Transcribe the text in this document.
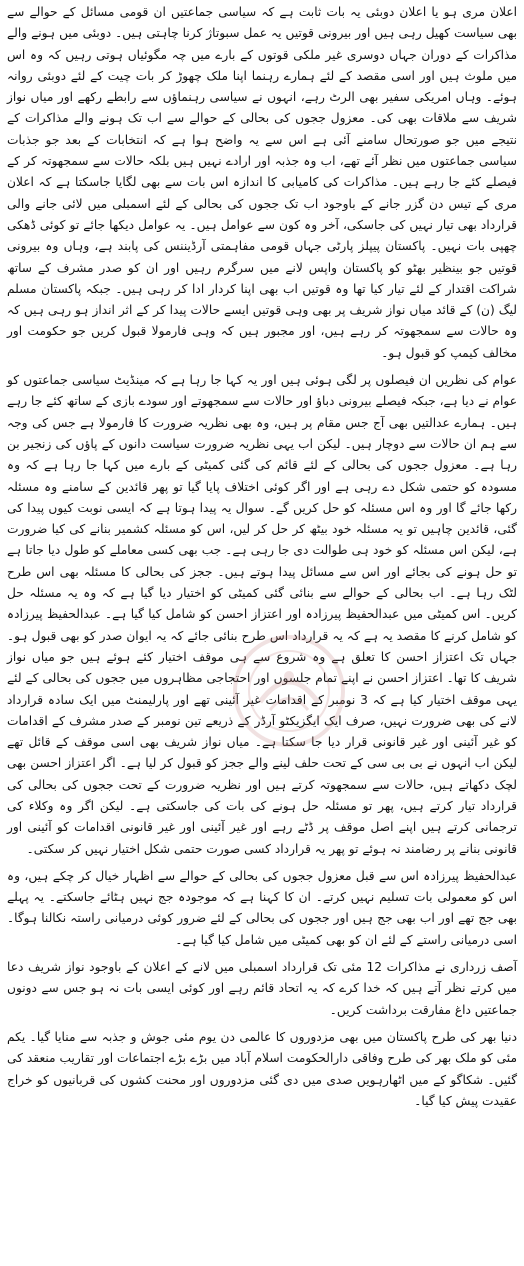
اعلان مری ہو یا اعلان دوبئی یہ بات ثابت ہے کہ سیاسی جماعتیں ان قومی مسائل کے حوالے سے بھی سیاست کھیل رہی ہیں اور بیرونی قوتیں یہ عمل سبوتاژ کرنا چاہتی ہیں۔ دوبئی میں ہونے والے مذاکرات کے دوران جہاں دوسری غیر ملکی قوتوں کے بارے میں چہ مگوئیاں ہوتی رہیں کہ وہ اس میں ملوث ہیں اور اسی مقصد کے لئے ہمارے رہنما اپنا ملک چھوڑ کر بات چیت کے لئے دوبئی روانہ ہوئے۔ وہاں امریکی سفیر بھی الرٹ رہے، انہوں نے سیاسی رہنماؤں سے رابطے رکھے اور میاں نواز شریف سے ملاقات بھی کی۔ معزول ججوں کی بحالی کے حوالے سے اب تک ہونے والے مذاکرات کے نتیجے میں جو صورتحال سامنے آئی ہے اس سے یہ واضح ہوا ہے کہ انتخابات کے بعد جو جذبات سیاسی جماعتوں میں نظر آئے تھے، اب وہ جذبہ اور ارادے نہیں ہیں بلکہ حالات سے سمجھوتہ کر کے فیصلے کئے جا رہے ہیں۔ مذاکرات کی کامیابی کا اندازہ اس بات سے بھی لگایا جاسکتا ہے کہ اعلان مری کے تیس دن گزر جانے کے باوجود اب تک ججوں کی بحالی کے لئے اسمبلی میں لائی جانے والی قرارداد بھی تیار نہیں کی جاسکی، آخر وہ کون سے عوامل ہیں۔ یہ عوامل دیکھا جائے تو کوئی ڈھکی چھپی بات نہیں۔ پاکستان پیپلز پارٹی جہاں قومی مفاہمتی آرڈیننس کی پابند ہے، وہاں وہ بیرونی قوتیں جو بینظیر بھٹو کو پاکستان واپس لانے میں سرگرم رہیں اور ان کو صدر مشرف کے ساتھ شراکت اقتدار کے لئے تیار کیا تھا وہ قوتیں اب بھی اپنا کردار ادا کر رہی ہیں۔ جبکہ پاکستان مسلم لیگ (ن) کے قائد میاں نواز شریف پر بھی وہی قوتیں ایسے حالات پیدا کر کے اثر انداز ہو رہی ہیں کہ وہ حالات سے سمجھوتہ کر رہے ہیں، اور مجبور ہیں کہ وہی فارمولا قبول کریں جو حکومت اور مخالف کیمپ کو قبول ہو۔

عوام کی نظریں ان فیصلوں پر لگی ہوئی ہیں اور یہ کہا جا رہا ہے کہ مینڈیٹ سیاسی جماعتوں کو عوام نے دیا ہے، جبکہ فیصلے بیرونی دباؤ اور حالات سے سمجھوتے اور سودے بازی کے ساتھ کئے جا رہے ہیں۔ ہمارے عدالتیں بھی آج جس مقام پر ہیں، وہ بھی نظریہ ضرورت کا فارمولا ہے جس کی وجہ سے ہم ان حالات سے دوچار ہیں۔ لیکن اب یہی نظریہ ضرورت سیاست دانوں کے پاؤں کی زنجیر بن رہا ہے۔ معزول ججوں کی بحالی کے لئے قائم کی گئی کمیٹی کے بارے میں کہا جا رہا ہے کہ وہ مسودہ کو حتمی شکل دے رہی ہے اور اگر کوئی اختلاف پایا گیا تو پھر قائدین کے سامنے وہ مسئلہ رکھا جائے گا اور وہ اس مسئلہ کو حل کریں گے۔ سوال یہ پیدا ہوتا ہے کہ ایسی نوبت کیوں پیدا کی گئی، قائدین چاہیں تو یہ مسئلہ خود بیٹھ کر حل کر لیں، اس کو مسئلہ کشمیر بنانے کی کیا ضرورت ہے، لیکن اس مسئلہ کو خود ہی طوالت دی جا رہی ہے۔ جب بھی کسی معاملے کو طول دیا جاتا ہے تو حل ہونے کی بجائے اور اس سے مسائل پیدا ہوتے ہیں۔ ججز کی بحالی کا مسئلہ بھی اس طرح لٹک رہا ہے۔ اب بحالی کے حوالے سے بنائی گئی کمیٹی کو اختیار دیا گیا ہے کہ وہ یہ مسئلہ حل کریں۔ اس کمیٹی میں عبدالحفیظ پیرزادہ اور اعتزاز احسن کو شامل کیا گیا ہے۔ عبدالحفیظ پیرزادہ کو شامل کرنے کا مقصد یہ ہے کہ یہ قرارداد اس طرح بنائی جائے کہ یہ ایوان صدر کو بھی قبول ہو۔ جہاں تک اعتزاز احسن کا تعلق ہے وہ شروع سے ہی موقف اختیار کئے ہوئے ہیں جو میاں نواز شریف کا تھا۔ اعتزاز احسن نے اپنے تمام جلسوں اور احتجاجی مظاہروں میں ججوں کی بحالی کے لئے یہی موقف اختیار کیا ہے کہ 3 نومبر کے اقدامات غیر آئینی تھے اور پارلیمنٹ میں ایک سادہ قرارداد لانے کی بھی ضرورت نہیں، صرف ایک ایگزیکٹو آرڈر کے ذریعے تین نومبر کے صدر مشرف کے اقدامات کو غیر آئینی اور غیر قانونی قرار دیا جا سکتا ہے۔ میاں نواز شریف بھی اسی موقف کے قائل تھے لیکن اب انہوں نے بی بی سی کے تحت حلف لینے والے ججز کو قبول کر لیا ہے۔ اگر اعتزاز احسن بھی لچک دکھاتے ہیں، حالات سے سمجھوتہ کرتے ہیں اور نظریہ ضرورت کے تحت ججوں کی بحالی کی قرارداد تیار کرتے ہیں، پھر تو مسئلہ حل ہونے کی بات کی جاسکتی ہے۔ لیکن اگر وہ وکلاء کی ترجمانی کرتے ہیں اپنے اصل موقف پر ڈٹے رہے اور غیر آئینی اور غیر قانونی اقدامات کو آئینی اور قانونی بنانے پر رضامند نہ ہوئے تو پھر یہ قرارداد کسی صورت حتمی شکل اختیار نہیں کر سکتی۔

عبدالحفیظ پیرزادہ اس سے قبل معزول ججوں کی بحالی کے حوالے سے اظہار خیال کر چکے ہیں، وہ اس کو معمولی بات تسلیم نہیں کرتے۔ ان کا کہنا ہے کہ موجودہ جج نہیں ہٹائے جاسکتے۔ یہ پہلے بھی جج تھے اور اب بھی جج ہیں اور ججوں کی بحالی کے لئے ضرور کوئی درمیانی راستہ نکالنا ہوگا۔ اسی درمیانی راستے کے لئے ان کو بھی کمیٹی میں شامل کیا گیا ہے۔

آصف زرداری نے مذاکرات 12 مئی تک قرارداد اسمبلی میں لانے کے اعلان کے باوجود نواز شریف دعا میں کرتے نظر آتے ہیں کہ خدا کرے کہ یہ اتحاد قائم رہے اور کوئی ایسی بات نہ ہو جس سے دونوں جماعتیں داغ مفارقت برداشت کریں۔

دنیا بھر کی طرح پاکستان میں بھی مزدوروں کا عالمی دن یوم مئی جوش و جذبہ سے منایا گیا۔ یکم مئی کو ملک بھر کی طرح وفاقی دارالحکومت اسلام آباد میں بڑے بڑے اجتماعات اور تقاریب منعقد کی گئیں۔ شکاگو کے میں اٹھارہویں صدی میں دی گئی مزدوروں اور محنت کشوں کی قربانیوں کو خراج عقیدت پیش کیا گیا۔
